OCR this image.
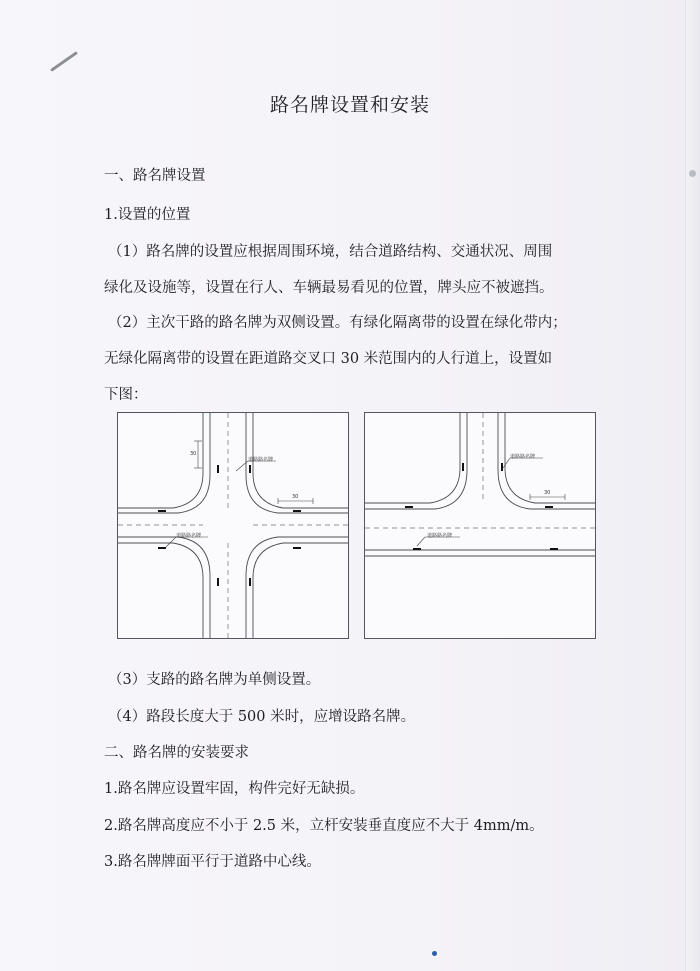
路名牌设置和安装
一、路名牌设置
1.设置的位置
（1）路名牌的设置应根据周围环境，结合道路结构、交通状况、周围
绿化及设施等，设置在行人、车辆最易看见的位置，牌头应不被遮挡。
（2）主次干路的路名牌为双侧设置。有绿化隔离带的设置在绿化带内；
无绿化隔离带的设置在距道路交叉口 30 米范围内的人行道上，设置如
下图：
道路路名牌
道路路名牌
30
30
道路路名牌
道路路名牌
30
（3）支路的路名牌为单侧设置。
（4）路段长度大于 500 米时，应增设路名牌。
二、路名牌的安装要求
1.路名牌应设置牢固，构件完好无缺损。
2.路名牌高度应不小于 2.5 米，立杆安装垂直度应不大于 4mm/m。
3.路名牌牌面平行于道路中心线。
